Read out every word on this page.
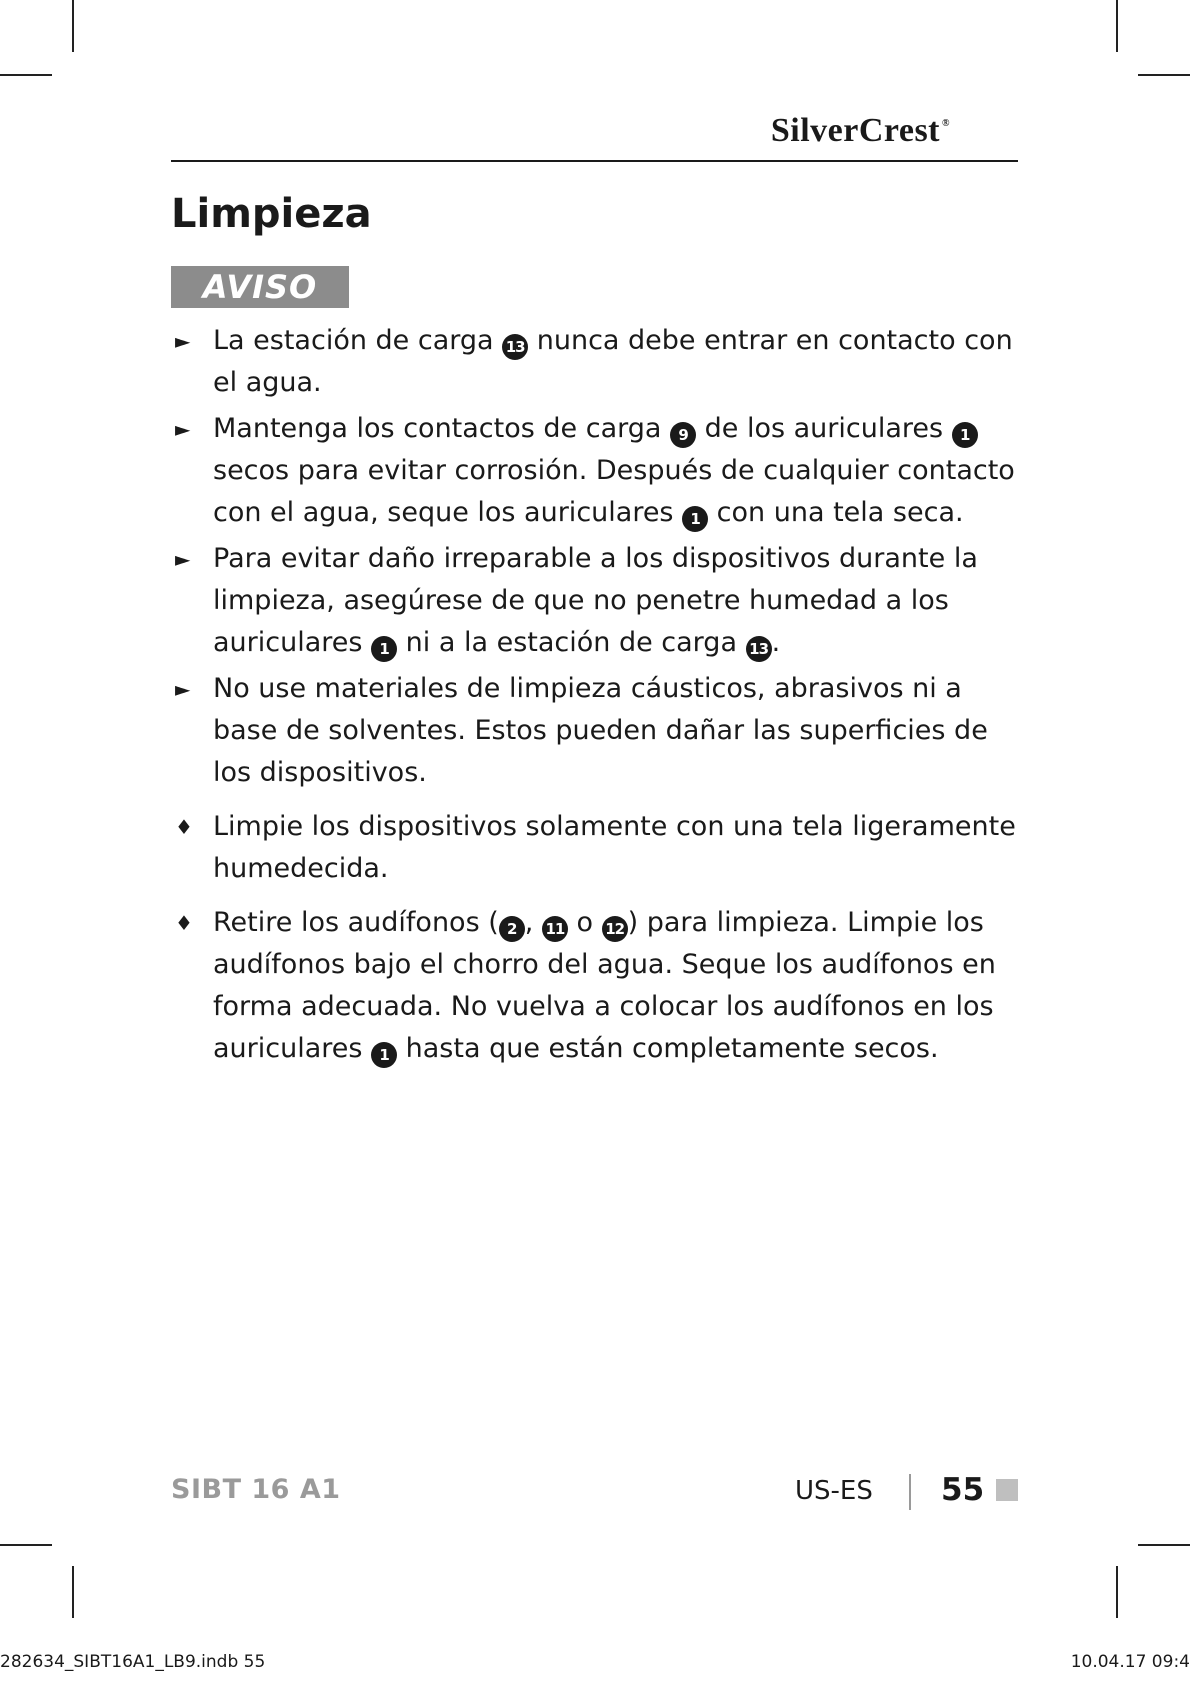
SilverCrest ®
Limpieza
AVISO
► La estación de carga 13 nunca debe entrar en contacto con el agua.
► Mantenga los contactos de carga 9 de los auriculares 1 secos para evitar corrosión. Después de cualquier contacto con el agua, seque los auriculares 1 con una tela seca.
► Para evitar daño irreparable a los dispositivos durante la limpieza, asegúrese de que no penetre humedad a los auriculares 1 ni a la estación de carga 13 .
► No use materiales de limpieza cáusticos, abrasivos ni a base de solventes. Estos pueden dañar las superficies de los dispositivos.
♦ Limpie los dispositivos solamente con una tela ligeramente humedecida.
♦ Retire los audífonos ( 2 , 11 o 12 ) para limpieza. Limpie los audífonos bajo el chorro del agua. Seque los audífonos en forma adecuada. No vuelva a colocar los audífonos en los auriculares 1 hasta que están completamente secos.
SIBT 16 A1	US-ES 55
282634_SIBT16A1_LB9.indb 55	10.04.17 09:4
